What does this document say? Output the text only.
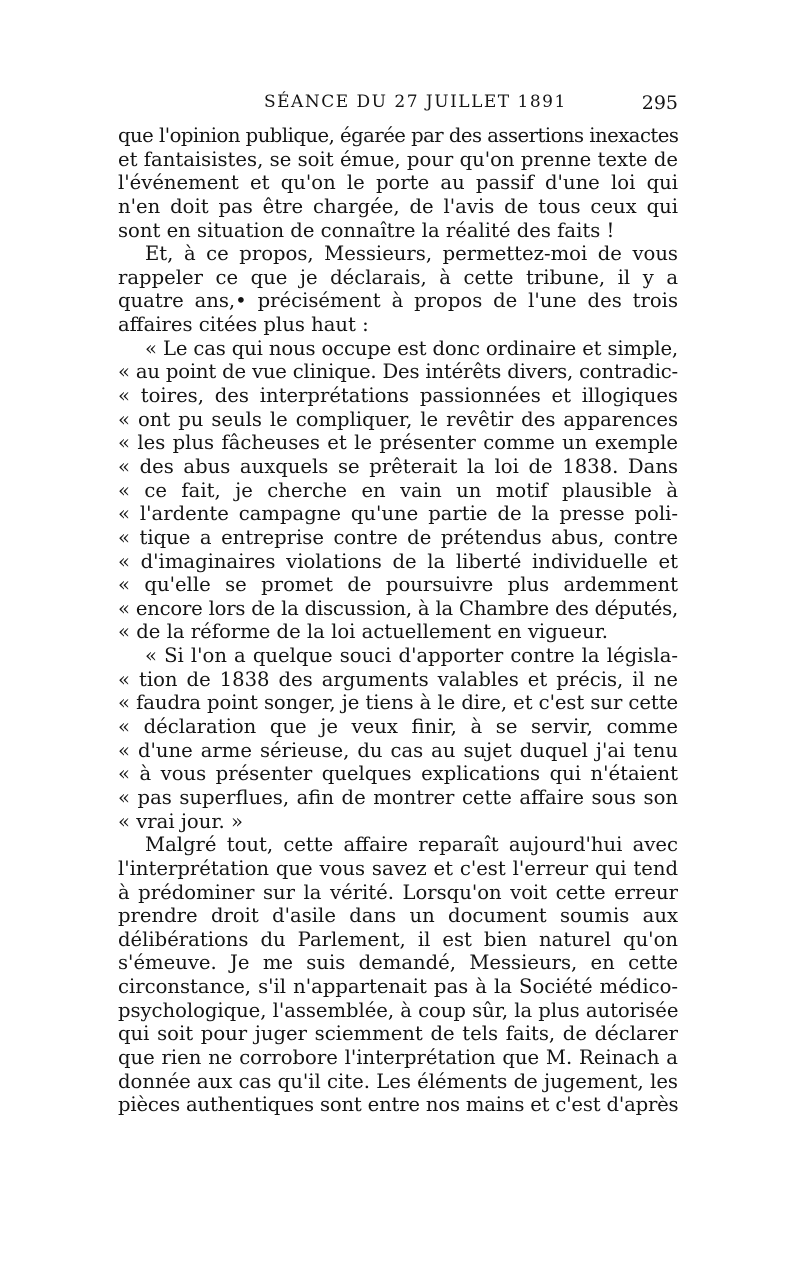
SÉANCE DU 27 JUILLET 1891	295
que l'opinion publique, égarée par des assertions inexactes
et fantaisistes, se soit émue, pour qu'on prenne texte de
l'événement et qu'on le porte au passif d'une loi qui
n'en doit pas être chargée, de l'avis de tous ceux qui
sont en situation de connaître la réalité des faits !
Et, à ce propos, Messieurs, permettez-moi de vous
rappeler ce que je déclarais, à cette tribune, il y a
quatre ans,• précisément à propos de l'une des trois
affaires citées plus haut :
« Le cas qui nous occupe est donc ordinaire et simple,
« au point de vue clinique. Des intérêts divers, contradic-
« toires, des interprétations passionnées et illogiques
« ont pu seuls le compliquer, le revêtir des apparences
« les plus fâcheuses et le présenter comme un exemple
« des abus auxquels se prêterait la loi de 1838. Dans
« ce fait, je cherche en vain un motif plausible à
« l'ardente campagne qu'une partie de la presse poli-
« tique a entreprise contre de prétendus abus, contre
« d'imaginaires violations de la liberté individuelle et
« qu'elle se promet de poursuivre plus ardemment
« encore lors de la discussion, à la Chambre des députés,
« de la réforme de la loi actuellement en vigueur.
« Si l'on a quelque souci d'apporter contre la législa-
« tion de 1838 des arguments valables et précis, il ne
« faudra point songer, je tiens à le dire, et c'est sur cette
« déclaration que je veux finir, à se servir, comme
« d'une arme sérieuse, du cas au sujet duquel j'ai tenu
« à vous présenter quelques explications qui n'étaient
« pas superflues, afin de montrer cette affaire sous son
« vrai jour. »
Malgré tout, cette affaire reparaît aujourd'hui avec
l'interprétation que vous savez et c'est l'erreur qui tend
à prédominer sur la vérité. Lorsqu'on voit cette erreur
prendre droit d'asile dans un document soumis aux
délibérations du Parlement, il est bien naturel qu'on
s'émeuve. Je me suis demandé, Messieurs, en cette
circonstance, s'il n'appartenait pas à la Société médico-
psychologique, l'assemblée, à coup sûr, la plus autorisée
qui soit pour juger sciemment de tels faits, de déclarer
que rien ne corrobore l'interprétation que M. Reinach a
donnée aux cas qu'il cite. Les éléments de jugement, les
pièces authentiques sont entre nos mains et c'est d'après
